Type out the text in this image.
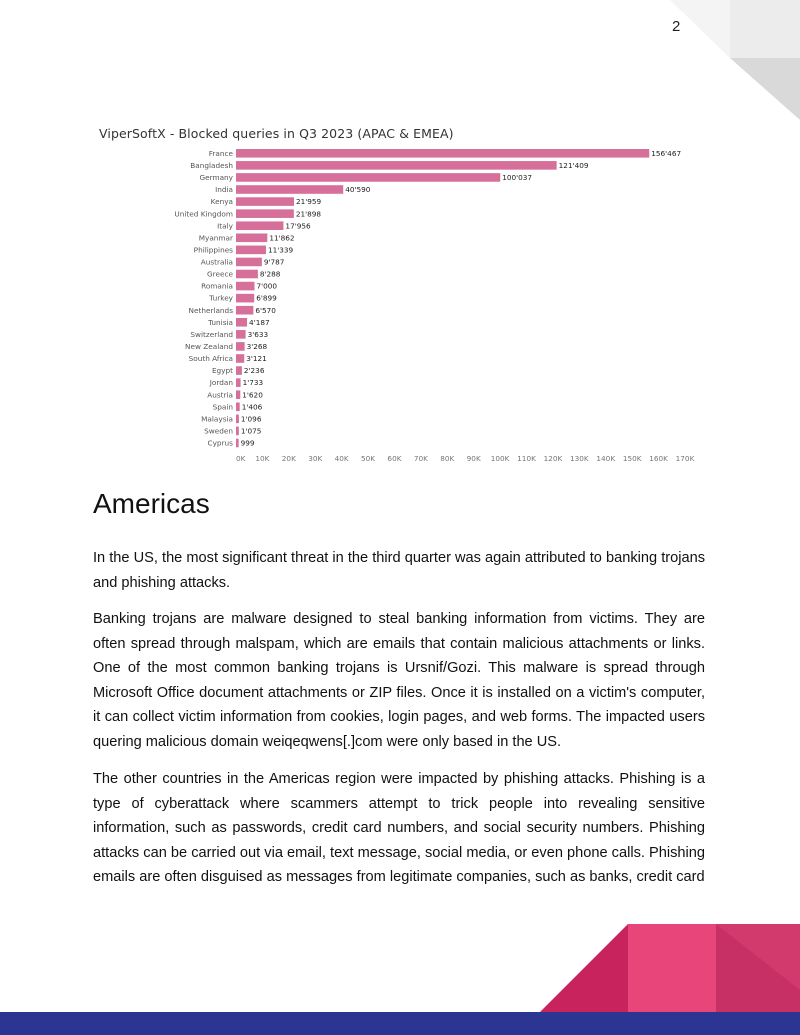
2
ViperSoftX - Blocked queries in Q3 2023 (APAC & EMEA)
France	156'467
Bangladesh	121'409
Germany	100'037
India	40'590
Kenya	21'959
United Kingdom	21'898
Italy	17'956
Myanmar	11'862
Philippines	11'339
Australia	9'787
Greece	8'288
Romania	7'000
Turkey	6'899
Netherlands	6'570
Tunisia 4'187
Switzerland 3'633
New Zealand 3'268
South Africa 3'121
Egypt 2'236
Jordan 1'733
Austria 1'620
Spain 1'406
Malaysia 1'096
Sweden 1'075
Cyprus 999
0K 10K 20K 30K 40K 50K 60K 70K 80K 90K 100K 110K 120K 130K 140K 150K 160K 170K
Americas

In the US, the most significant threat in the third quarter was again attributed to banking trojans and phishing attacks.

Banking trojans are malware designed to steal banking information from victims. They are often spread through malspam, which are emails that contain malicious attachments or links. One of the most common banking trojans is Ursnif/Gozi. This malware is spread through Microsoft Office document attachments or ZIP files. Once it is installed on a victim's computer, it can collect victim information from cookies, login pages, and web forms. The impacted users quering malicious domain weiqeqwens[.]com were only based in the US.

The other countries in the Americas region were impacted by phishing attacks. Phishing is a type of cyberattack where scammers attempt to trick people into revealing sensitive information, such as passwords, credit card numbers, and social security numbers. Phishing attacks can be carried out via email, text message, social media, or even phone calls. Phishing emails are often disguised as messages from legitimate companies, such as banks, credit card
